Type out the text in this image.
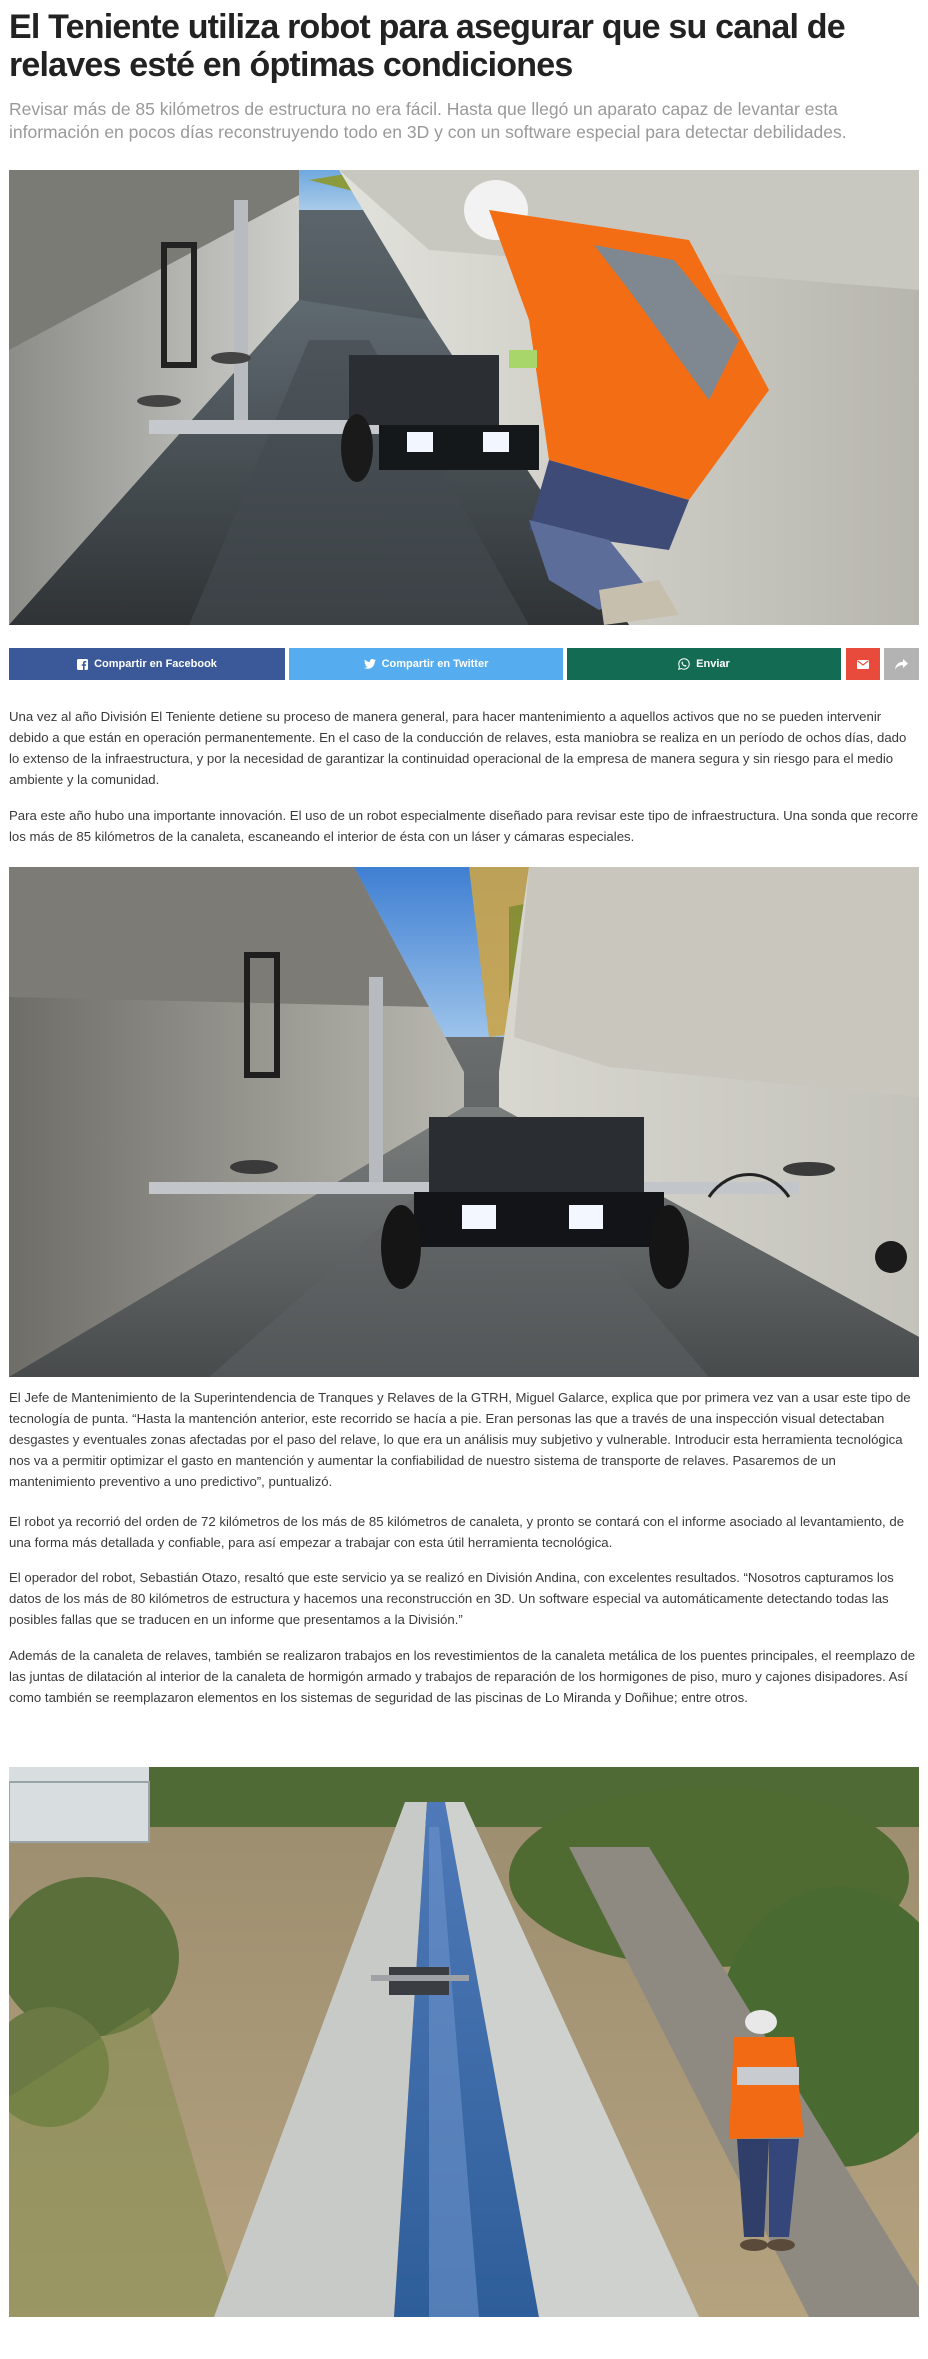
El Teniente utiliza robot para asegurar que su canal de relaves esté en óptimas condiciones

Revisar más de 85 kilómetros de estructura no era fácil. Hasta que llegó un aparato capaz de levantar esta información en pocos días reconstruyendo todo en 3D y con un software especial para detectar debilidades.

Compartir en Facebook	Compartir en Twitter	Enviar

Una vez al año División El Teniente detiene su proceso de manera general, para hacer mantenimiento a aquellos activos que no se pueden intervenir debido a que están en operación permanentemente. En el caso de la conducción de relaves, esta maniobra se realiza en un período de ochos días, dado lo extenso de la infraestructura, y por la necesidad de garantizar la continuidad operacional de la empresa de manera segura y sin riesgo para el medio ambiente y la comunidad.

Para este año hubo una importante innovación. El uso de un robot especialmente diseñado para revisar este tipo de infraestructura. Una sonda que recorre los más de 85 kilómetros de la canaleta, escaneando el interior de ésta con un láser y cámaras especiales.

El Jefe de Mantenimiento de la Superintendencia de Tranques y Relaves de la GTRH, Miguel Galarce, explica que por primera vez van a usar este tipo de tecnología de punta. “Hasta la mantención anterior, este recorrido se hacía a pie. Eran personas las que a través de una inspección visual detectaban desgastes y eventuales zonas afectadas por el paso del relave, lo que era un análisis muy subjetivo y vulnerable. Introducir esta herramienta tecnológica nos va a permitir optimizar el gasto en mantención y aumentar la confiabilidad de nuestro sistema de transporte de relaves. Pasaremos de un mantenimiento preventivo a uno predictivo”, puntualizó.

El robot ya recorrió del orden de 72 kilómetros de los más de 85 kilómetros de canaleta, y pronto se contará con el informe asociado al levantamiento, de una forma más detallada y confiable, para así empezar a trabajar con esta útil herramienta tecnológica.

El operador del robot, Sebastián Otazo, resaltó que este servicio ya se realizó en División Andina, con excelentes resultados. “Nosotros capturamos los datos de los más de 80 kilómetros de estructura y hacemos una reconstrucción en 3D. Un software especial va automáticamente detectando todas las posibles fallas que se traducen en un informe que presentamos a la División.”

Además de la canaleta de relaves, también se realizaron trabajos en los revestimientos de la canaleta metálica de los puentes principales, el reemplazo de las juntas de dilatación al interior de la canaleta de hormigón armado y trabajos de reparación de los hormigones de piso, muro y cajones disipadores. Así como también se reemplazaron elementos en los sistemas de seguridad de las piscinas de Lo Miranda y Doñihue; entre otros.
